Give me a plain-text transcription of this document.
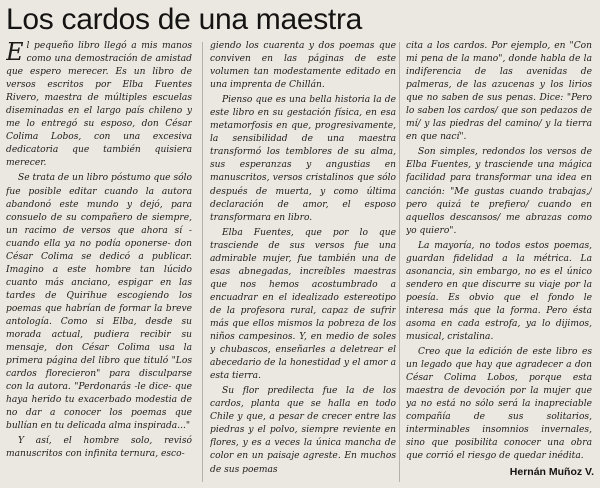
Los cardos de una maestra

El pequeño libro llegó a mis manos como una demostración de amistad que espero merecer. Es un libro de versos escritos por Elba Fuentes Rivero, maestra de múltiples escuelas diseminadas en el largo país chileno y me lo entregó su esposo, don César Colima Lobos, con una excesiva dedicatoria que también quisiera merecer.

Se trata de un libro póstumo que sólo fue posible editar cuando la autora abandonó este mundo y dejó, para consuelo de su compañero de siempre, un racimo de versos que ahora sí -cuando ella ya no podía oponerse- don César Colima se dedicó a publicar. Imagino a este hombre tan lúcido cuanto más anciano, espigar en las tardes de Quirihue escogiendo los poemas que habrían de formar la breve antología. Como si Elba, desde su morada actual, pudiera recibir su mensaje, don César Colima usa la primera página del libro que tituló "Los cardos florecieron" para disculparse con la autora. "Perdonarás -le dice- que haya herido tu exacerbado modestia de no dar a conocer los poemas que bullían en tu delicada alma inspirada..."

Y así, el hombre solo, revisó manuscritos con infinita ternura, esco-

giendo los cuarenta y dos poemas que conviven en las páginas de este volumen tan modestamente editado en una imprenta de Chillán.

Pienso que es una bella historia la de este libro en su gestación física, en esa metamorfosis en que, progresivamente, la sensibilidad de una maestra transformó los temblores de su alma, sus esperanzas y angustias en manuscritos, versos cristalinos que sólo después de muerta, y como última declaración de amor, el esposo transformara en libro.

Elba Fuentes, que por lo que trasciende de sus versos fue una admirable mujer, fue también una de esas abnegadas, increíbles maestras que nos hemos acostumbrado a encuadrar en el idealizado estereotipo de la profesora rural, capaz de sufrir más que ellos mismos la pobreza de los niños campesinos. Y, en medio de soles y chubascos, enseñarles a deletrear el abecedario de la honestidad y el amor a esta tierra.

Su flor predilecta fue la de los cardos, planta que se halla en todo Chile y que, a pesar de crecer entre las piedras y el polvo, siempre reviente en flores, y es a veces la única mancha de color en un paisaje agreste. En muchos de sus poemas

cita a los cardos. Por ejemplo, en "Con mi pena de la mano", donde habla de la indiferencia de las avenidas de palmeras, de las azucenas y los lirios que no saben de sus penas. Dice: "Pero lo saben los cardos/ que son pedazos de mí/ y las piedras del camino/ y la tierra en que nací".

Son simples, redondos los versos de Elba Fuentes, y trasciende una mágica facilidad para transformar una idea en canción: "Me gustas cuando trabajas,/ pero quizá te prefiero/ cuando en aquellos descansos/ me abrazas como yo quiero".

La mayoría, no todos estos poemas, guardan fidelidad a la métrica. La asonancia, sin embargo, no es el único sendero en que discurre su viaje por la poesía. Es obvio que el fondo le interesa más que la forma. Pero ésta asoma en cada estrofa, ya lo dijimos, musical, cristalina.

Creo que la edición de este libro es un legado que hay que agradecer a don César Colima Lobos, porque esta maestra de devoción por la mujer que ya no está no sólo será la inapreciable compañía de sus solitarios, interminables insomnios invernales, sino que posibilita conocer una obra que corrió el riesgo de quedar inédita.

Hernán Muñoz V.
